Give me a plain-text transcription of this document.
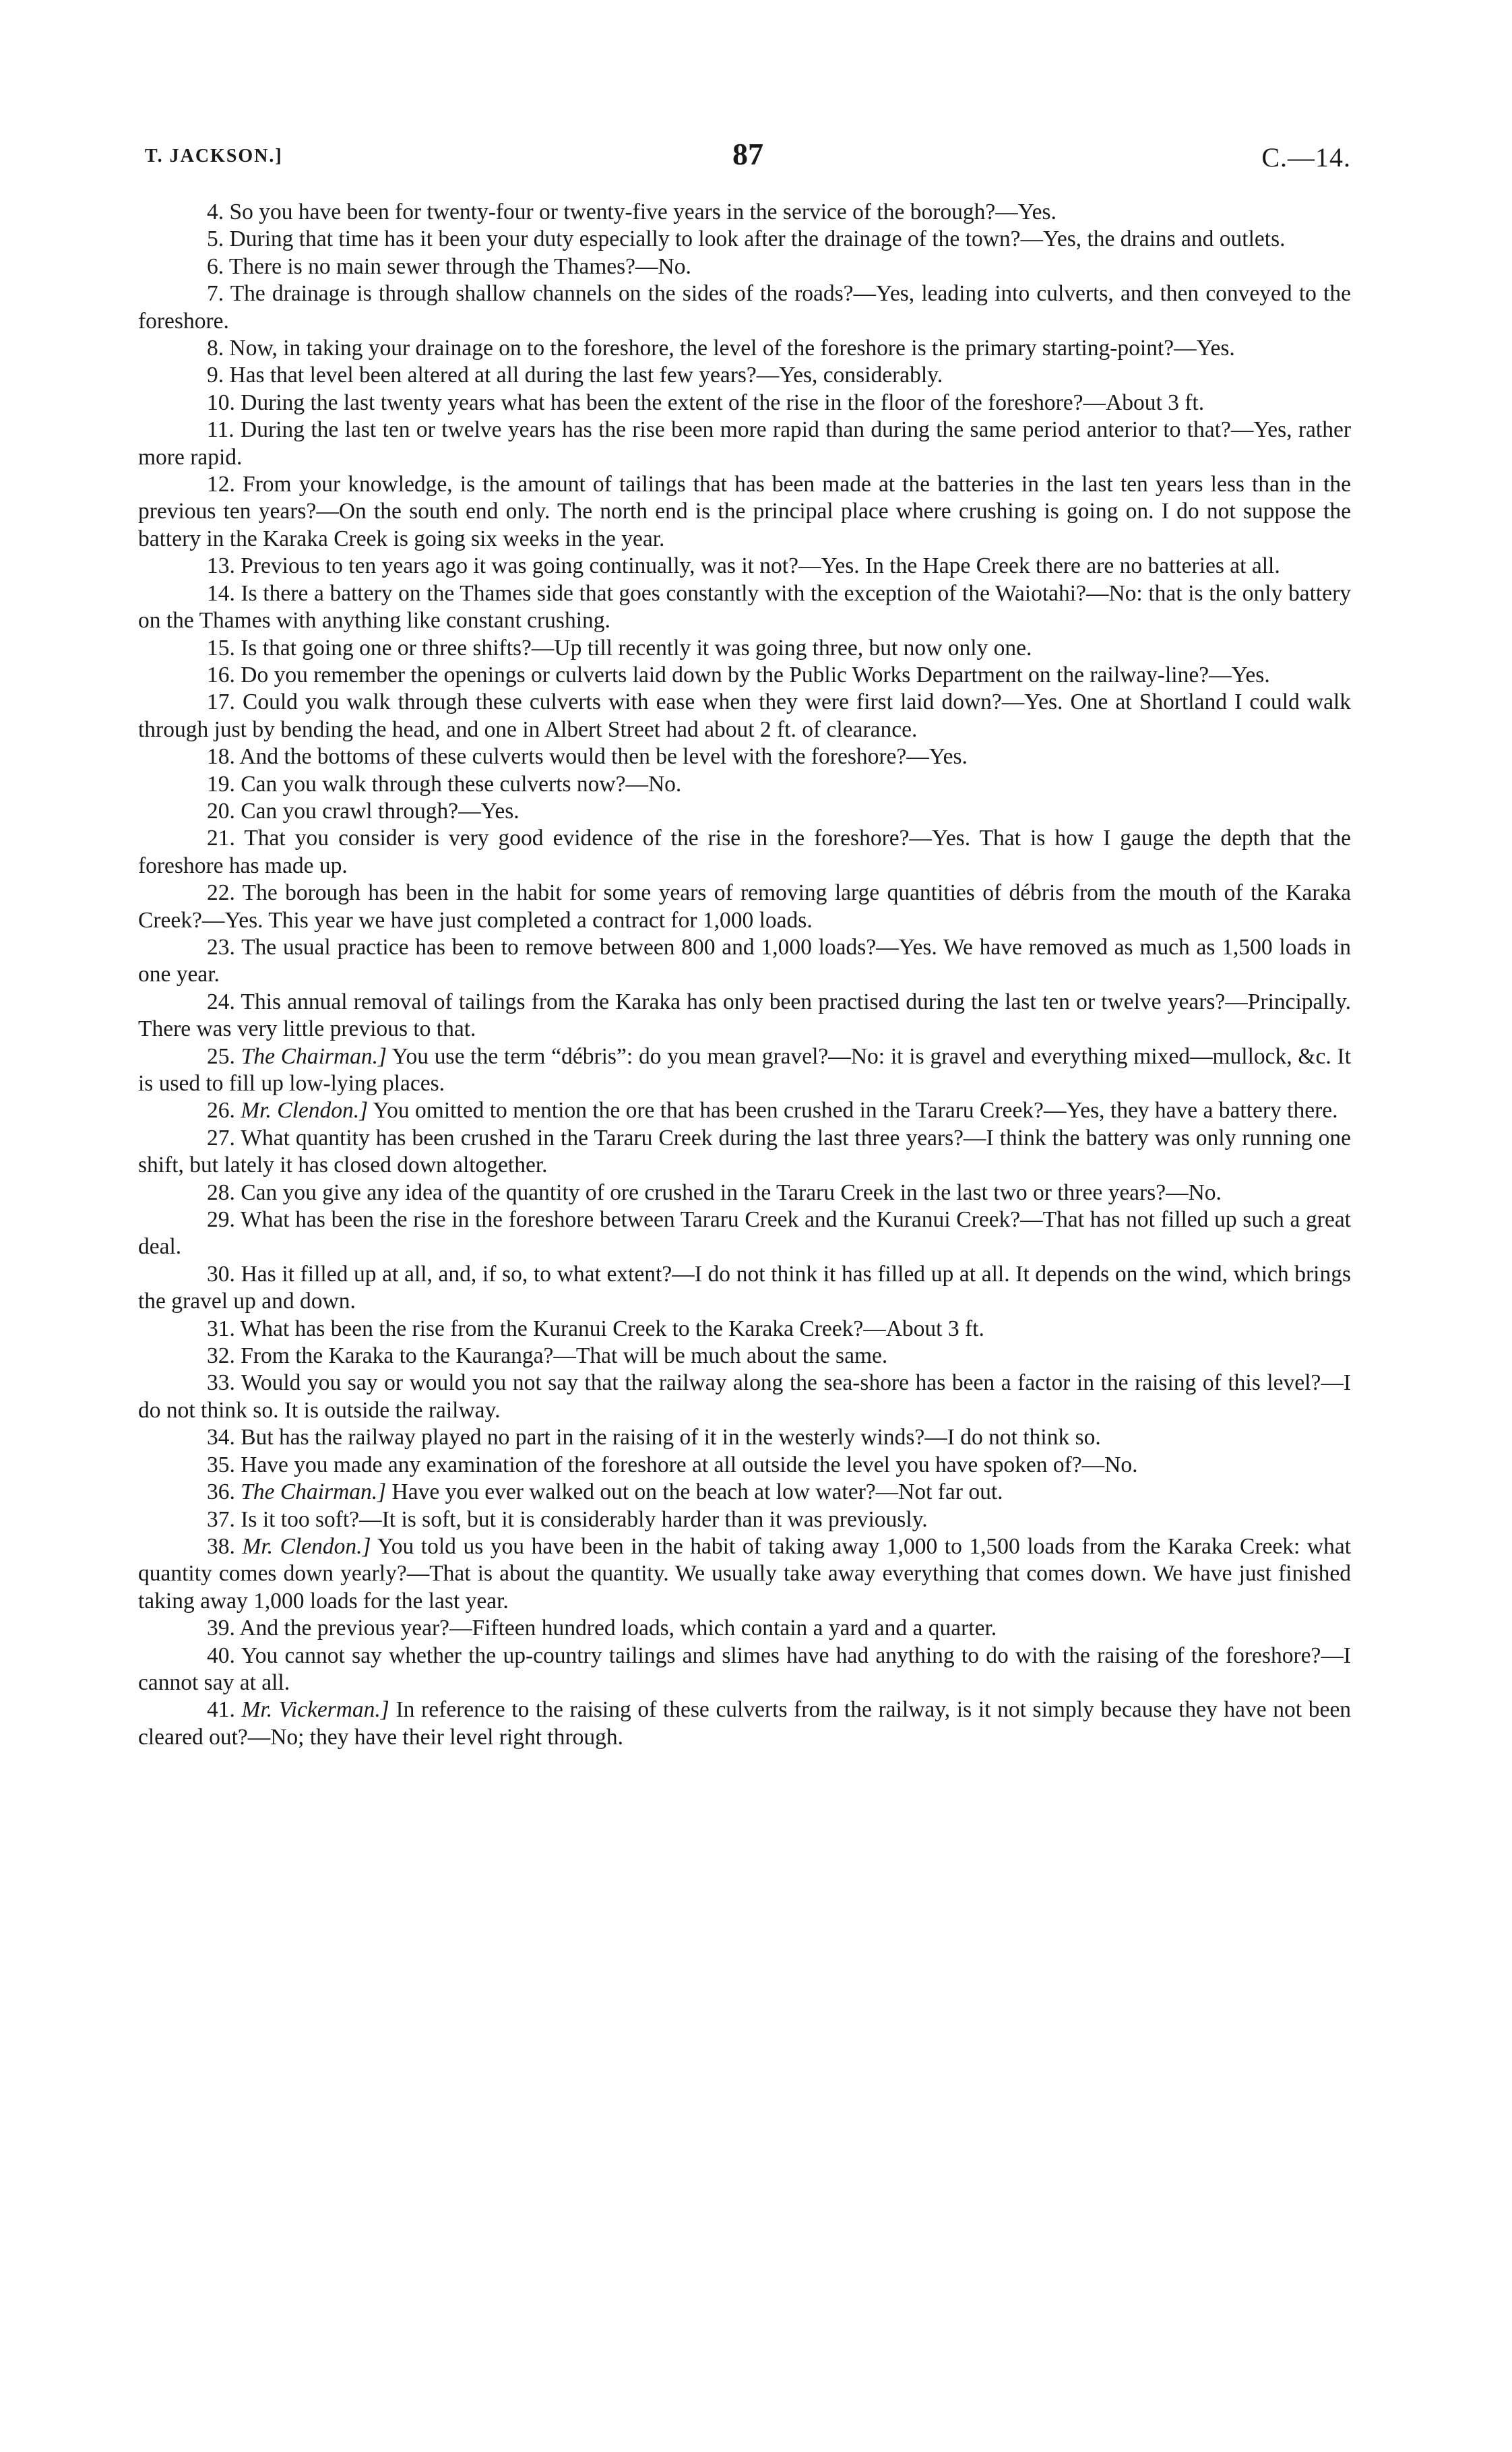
T. JACKSON.]	87	C.—14.

4. So you have been for twenty-four or twenty-five years in the service of the borough?—Yes.

5. During that time has it been your duty especially to look after the drainage of the town?—Yes, the drains and outlets.

6. There is no main sewer through the Thames?—No.

7. The drainage is through shallow channels on the sides of the roads?—Yes, leading into culverts, and then conveyed to the foreshore.

8. Now, in taking your drainage on to the foreshore, the level of the foreshore is the primary starting-point?—Yes.

9. Has that level been altered at all during the last few years?—Yes, considerably.

10. During the last twenty years what has been the extent of the rise in the floor of the foreshore?—About 3 ft.

11. During the last ten or twelve years has the rise been more rapid than during the same period anterior to that?—Yes, rather more rapid.

12. From your knowledge, is the amount of tailings that has been made at the batteries in the last ten years less than in the previous ten years?—On the south end only. The north end is the principal place where crushing is going on. I do not suppose the battery in the Karaka Creek is going six weeks in the year.

13. Previous to ten years ago it was going continually, was it not?—Yes. In the Hape Creek there are no batteries at all.

14. Is there a battery on the Thames side that goes constantly with the exception of the Waiotahi?—No: that is the only battery on the Thames with anything like constant crushing.

15. Is that going one or three shifts?—Up till recently it was going three, but now only one.

16. Do you remember the openings or culverts laid down by the Public Works Department on the railway-line?—Yes.

17. Could you walk through these culverts with ease when they were first laid down?—Yes. One at Shortland I could walk through just by bending the head, and one in Albert Street had about 2 ft. of clearance.

18. And the bottoms of these culverts would then be level with the foreshore?—Yes.

19. Can you walk through these culverts now?—No.

20. Can you crawl through?—Yes.

21. That you consider is very good evidence of the rise in the foreshore?—Yes. That is how I gauge the depth that the foreshore has made up.

22. The borough has been in the habit for some years of removing large quantities of débris from the mouth of the Karaka Creek?—Yes. This year we have just completed a contract for 1,000 loads.

23. The usual practice has been to remove between 800 and 1,000 loads?—Yes. We have removed as much as 1,500 loads in one year.

24. This annual removal of tailings from the Karaka has only been practised during the last ten or twelve years?—Principally. There was very little previous to that.

25. The Chairman.] You use the term “débris”: do you mean gravel?—No: it is gravel and everything mixed—mullock, &c. It is used to fill up low-lying places.

26. Mr. Clendon.] You omitted to mention the ore that has been crushed in the Tararu Creek?—Yes, they have a battery there.

27. What quantity has been crushed in the Tararu Creek during the last three years?—I think the battery was only running one shift, but lately it has closed down altogether.

28. Can you give any idea of the quantity of ore crushed in the Tararu Creek in the last two or three years?—No.

29. What has been the rise in the foreshore between Tararu Creek and the Kuranui Creek?—That has not filled up such a great deal.

30. Has it filled up at all, and, if so, to what extent?—I do not think it has filled up at all. It depends on the wind, which brings the gravel up and down.

31. What has been the rise from the Kuranui Creek to the Karaka Creek?—About 3 ft.

32. From the Karaka to the Kauranga?—That will be much about the same.

33. Would you say or would you not say that the railway along the sea-shore has been a factor in the raising of this level?—I do not think so. It is outside the railway.

34. But has the railway played no part in the raising of it in the westerly winds?—I do not think so.

35. Have you made any examination of the foreshore at all outside the level you have spoken of?—No.

36. The Chairman.] Have you ever walked out on the beach at low water?—Not far out.

37. Is it too soft?—It is soft, but it is considerably harder than it was previously.

38. Mr. Clendon.] You told us you have been in the habit of taking away 1,000 to 1,500 loads from the Karaka Creek: what quantity comes down yearly?—That is about the quantity. We usually take away everything that comes down. We have just finished taking away 1,000 loads for the last year.

39. And the previous year?—Fifteen hundred loads, which contain a yard and a quarter.

40. You cannot say whether the up-country tailings and slimes have had anything to do with the raising of the foreshore?—I cannot say at all.

41. Mr. Vickerman.] In reference to the raising of these culverts from the railway, is it not simply because they have not been cleared out?—No; they have their level right through.
